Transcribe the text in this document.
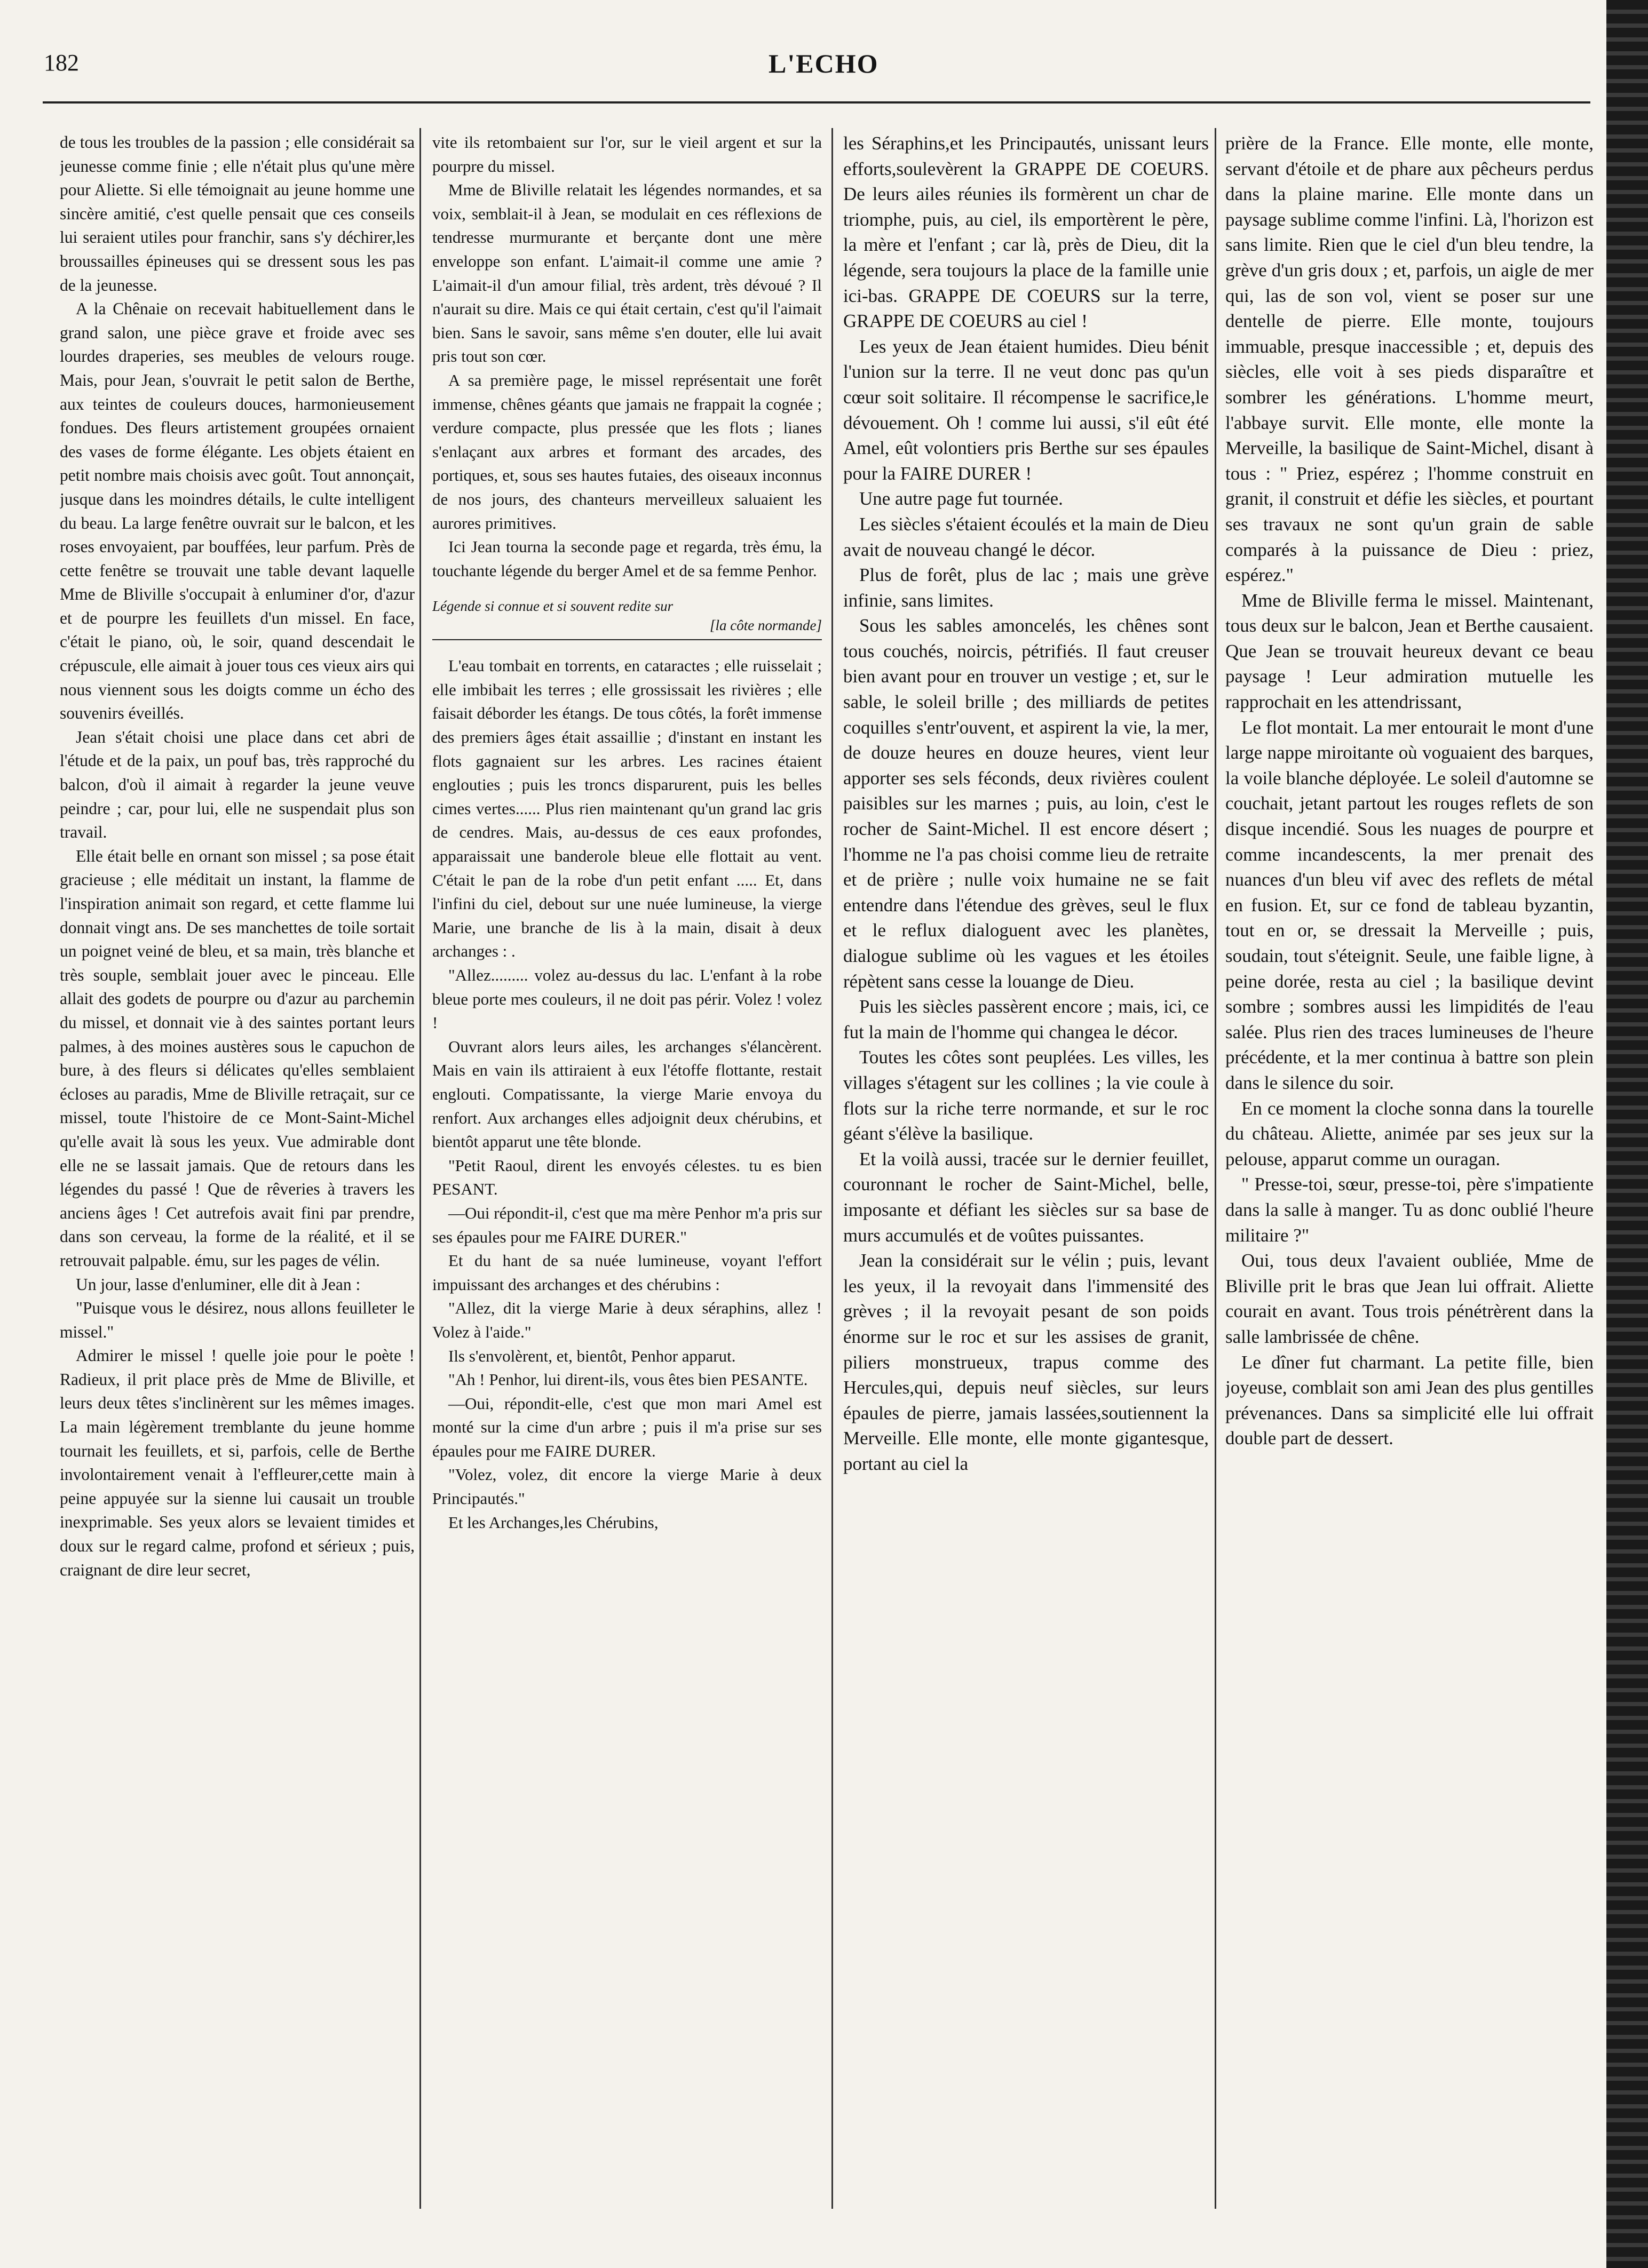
182	L'ECHO

de tous les troubles de la passion ; elle considérait sa jeunesse comme finie ; elle n'était plus qu'une mère pour Aliette. Si elle témoignait au jeune homme une sincère amitié, c'est quelle pensait que ces conseils lui seraient utiles pour franchir, sans s'y déchirer,les broussailles épineuses qui se dressent sous les pas de la jeunesse.

A la Chênaie on recevait habituellement dans le grand salon, une pièce grave et froide avec ses lourdes draperies, ses meubles de velours rouge. Mais, pour Jean, s'ouvrait le petit salon de Berthe, aux teintes de couleurs douces, harmonieusement fondues. Des fleurs artistement groupées ornaient des vases de forme élégante. Les objets étaient en petit nombre mais choisis avec goût. Tout annonçait, jusque dans les moindres détails, le culte intelligent du beau. La large fenêtre ouvrait sur le balcon, et les roses envoyaient, par bouffées, leur parfum. Près de cette fenêtre se trouvait une table devant laquelle Mme de Bliville s'occupait à enluminer d'or, d'azur et de pourpre les feuillets d'un missel. En face, c'était le piano, où, le soir, quand descendait le crépuscule, elle aimait à jouer tous ces vieux airs qui nous viennent sous les doigts comme un écho des souvenirs éveillés.

Jean s'était choisi une place dans cet abri de l'étude et de la paix, un pouf bas, très rapproché du balcon, d'où il aimait à regarder la jeune veuve peindre ; car, pour lui, elle ne suspendait plus son travail.

Elle était belle en ornant son missel ; sa pose était gracieuse ; elle méditait un instant, la flamme de l'inspiration animait son regard, et cette flamme lui donnait vingt ans. De ses manchettes de toile sortait un poignet veiné de bleu, et sa main, très blanche et très souple, semblait jouer avec le pinceau. Elle allait des godets de pourpre ou d'azur au parchemin du missel, et donnait vie à des saintes portant leurs palmes, à des moines austères sous le capuchon de bure, à des fleurs si délicates qu'elles semblaient écloses au paradis, Mme de Bliville retraçait, sur ce missel, toute l'histoire de ce Mont-Saint-Michel qu'elle avait là sous les yeux. Vue admirable dont elle ne se lassait jamais. Que de retours dans les légendes du passé ! Que de rêveries à travers les anciens âges ! Cet autrefois avait fini par prendre, dans son cerveau, la forme de la réalité, et il se retrouvait palpable. ému, sur les pages de vélin.

Un jour, lasse d'enluminer, elle dit à Jean :

"Puisque vous le désirez, nous allons feuilleter le missel."

Admirer le missel ! quelle joie pour le poète ! Radieux, il prit place près de Mme de Bliville, et leurs deux têtes s'inclinèrent sur les mêmes images. La main légèrement tremblante du jeune homme tournait les feuillets, et si, parfois, celle de Berthe involontairement venait à l'effleurer,cette main à peine appuyée sur la sienne lui causait un trouble inexprimable. Ses yeux alors se levaient timides et doux sur le regard calme, profond et sérieux ; puis, craignant de dire leur secret,

vite ils retombaient sur l'or, sur le vieil argent et sur la pourpre du missel.

Mme de Bliville relatait les légendes normandes, et sa voix, semblait-il à Jean, se modulait en ces réflexions de tendresse murmurante et berçante dont une mère enveloppe son enfant. L'aimait-il comme une amie ? L'aimait-il d'un amour filial, très ardent, très dévoué ? Il n'aurait su dire. Mais ce qui était certain, c'est qu'il l'aimait bien. Sans le savoir, sans même s'en douter, elle lui avait pris tout son cœr.

A sa première page, le missel représentait une forêt immense, chênes géants que jamais ne frappait la cognée ; verdure compacte, plus pressée que les flots ; lianes s'enlaçant aux arbres et formant des arcades, des portiques, et, sous ses hautes futaies, des oiseaux inconnus de nos jours, des chanteurs merveilleux saluaient les aurores primitives.

Ici Jean tourna la seconde page et regarda, très ému, la touchante légende du berger Amel et de sa femme Penhor.

Légende si connue et si souvent redite sur
[la côte normande]

L'eau tombait en torrents, en cataractes ; elle ruisselait ; elle imbibait les terres ; elle grossissait les rivières ; elle faisait déborder les étangs. De tous côtés, la forêt immense des premiers âges était assaillie ; d'instant en instant les flots gagnaient sur les arbres. Les racines étaient englouties ; puis les troncs disparurent, puis les belles cimes vertes...... Plus rien maintenant qu'un grand lac gris de cendres. Mais, au-dessus de ces eaux profondes, apparaissait une banderole bleue elle flottait au vent. C'était le pan de la robe d'un petit enfant ..... Et, dans l'infini du ciel, debout sur une nuée lumineuse, la vierge Marie, une branche de lis à la main, disait à deux archanges : .

"Allez......... volez au-dessus du lac. L'enfant à la robe bleue porte mes couleurs, il ne doit pas périr. Volez ! volez !

Ouvrant alors leurs ailes, les archanges s'élancèrent. Mais en vain ils attiraient à eux l'étoffe flottante, restait englouti. Compatissante, la vierge Marie envoya du renfort. Aux archanges elles adjoignit deux chérubins, et bientôt apparut une tête blonde.

"Petit Raoul, dirent les envoyés célestes. tu es bien PESANT.

—Oui répondit-il, c'est que ma mère Penhor m'a pris sur ses épaules pour me FAIRE DURER."

Et du hant de sa nuée lumineuse, voyant l'effort impuissant des archanges et des chérubins :

"Allez, dit la vierge Marie à deux séraphins, allez ! Volez à l'aide."

Ils s'envolèrent, et, bientôt, Penhor apparut.

"Ah ! Penhor, lui dirent-ils, vous êtes bien PESANTE.

—Oui, répondit-elle, c'est que mon mari Amel est monté sur la cime d'un arbre ; puis il m'a prise sur ses épaules pour me FAIRE DURER.

"Volez, volez, dit encore la vierge Marie à deux Principautés."

Et les Archanges,les Chérubins,

les Séraphins,et les Principautés, unissant leurs efforts,soulevèrent la GRAPPE DE COEURS. De leurs ailes réunies ils formèrent un char de triomphe, puis, au ciel, ils emportèrent le père, la mère et l'enfant ; car là, près de Dieu, dit la légende, sera toujours la place de la famille unie ici-bas. GRAPPE DE COEURS sur la terre, GRAPPE DE COEURS au ciel !

Les yeux de Jean étaient humides. Dieu bénit l'union sur la terre. Il ne veut donc pas qu'un cœur soit solitaire. Il récompense le sacrifice,le dévouement. Oh ! comme lui aussi, s'il eût été Amel, eût volontiers pris Berthe sur ses épaules pour la FAIRE DURER !

Une autre page fut tournée.

Les siècles s'étaient écoulés et la main de Dieu avait de nouveau changé le décor.

Plus de forêt, plus de lac ; mais une grève infinie, sans limites.

Sous les sables amoncelés, les chênes sont tous couchés, noircis, pétrifiés. Il faut creuser bien avant pour en trouver un vestige ; et, sur le sable, le soleil brille ; des milliards de petites coquilles s'entr'ouvent, et aspirent la vie, la mer, de douze heures en douze heures, vient leur apporter ses sels féconds, deux rivières coulent paisibles sur les marnes ; puis, au loin, c'est le rocher de Saint-Michel. Il est encore désert ; l'homme ne l'a pas choisi comme lieu de retraite et de prière ; nulle voix humaine ne se fait entendre dans l'étendue des grèves, seul le flux et le reflux dialoguent avec les planètes, dialogue sublime où les vagues et les étoiles répètent sans cesse la louange de Dieu.

Puis les siècles passèrent encore ; mais, ici, ce fut la main de l'homme qui changea le décor.

Toutes les côtes sont peuplées. Les villes, les villages s'étagent sur les collines ; la vie coule à flots sur la riche terre normande, et sur le roc géant s'élève la basilique.

Et la voilà aussi, tracée sur le dernier feuillet, couronnant le rocher de Saint-Michel, belle, imposante et défiant les siècles sur sa base de murs accumulés et de voûtes puissantes.

Jean la considérait sur le vélin ; puis, levant les yeux, il la revoyait dans l'immensité des grèves ; il la revoyait pesant de son poids énorme sur le roc et sur les assises de granit, piliers monstrueux, trapus comme des Hercules,qui, depuis neuf siècles, sur leurs épaules de pierre, jamais lassées,soutiennent la Merveille. Elle monte, elle monte gigantesque, portant au ciel la

prière de la France. Elle monte, elle monte, servant d'étoile et de phare aux pêcheurs perdus dans la plaine marine. Elle monte dans un paysage sublime comme l'infini. Là, l'horizon est sans limite. Rien que le ciel d'un bleu tendre, la grève d'un gris doux ; et, parfois, un aigle de mer qui, las de son vol, vient se poser sur une dentelle de pierre. Elle monte, toujours immuable, presque inaccessible ; et, depuis des siècles, elle voit à ses pieds disparaître et sombrer les générations. L'homme meurt, l'abbaye survit. Elle monte, elle monte la Merveille, la basilique de Saint-Michel, disant à tous : " Priez, espérez ; l'homme construit en granit, il construit et défie les siècles, et pourtant ses travaux ne sont qu'un grain de sable comparés à la puissance de Dieu : priez, espérez."

Mme de Bliville ferma le missel. Maintenant, tous deux sur le balcon, Jean et Berthe causaient. Que Jean se trouvait heureux devant ce beau paysage ! Leur admiration mutuelle les rapprochait en les attendrissant,

Le flot montait. La mer entourait le mont d'une large nappe miroitante où voguaient des barques, la voile blanche déployée. Le soleil d'automne se couchait, jetant partout les rouges reflets de son disque incendié. Sous les nuages de pourpre et comme incandescents, la mer prenait des nuances d'un bleu vif avec des reflets de métal en fusion. Et, sur ce fond de tableau byzantin, tout en or, se dressait la Merveille ; puis, soudain, tout s'éteignit. Seule, une faible ligne, à peine dorée, resta au ciel ; la basilique devint sombre ; sombres aussi les limpidités de l'eau salée. Plus rien des traces lumineuses de l'heure précédente, et la mer continua à battre son plein dans le silence du soir.

En ce moment la cloche sonna dans la tourelle du château. Aliette, animée par ses jeux sur la pelouse, apparut comme un ouragan.

" Presse-toi, sœur, presse-toi, père s'impatiente dans la salle à manger. Tu as donc oublié l'heure militaire ?"

Oui, tous deux l'avaient oubliée, Mme de Bliville prit le bras que Jean lui offrait. Aliette courait en avant. Tous trois pénétrèrent dans la salle lambrissée de chêne.

Le dîner fut charmant. La petite fille, bien joyeuse, comblait son ami Jean des plus gentilles prévenances. Dans sa simplicité elle lui offrait double part de dessert.
